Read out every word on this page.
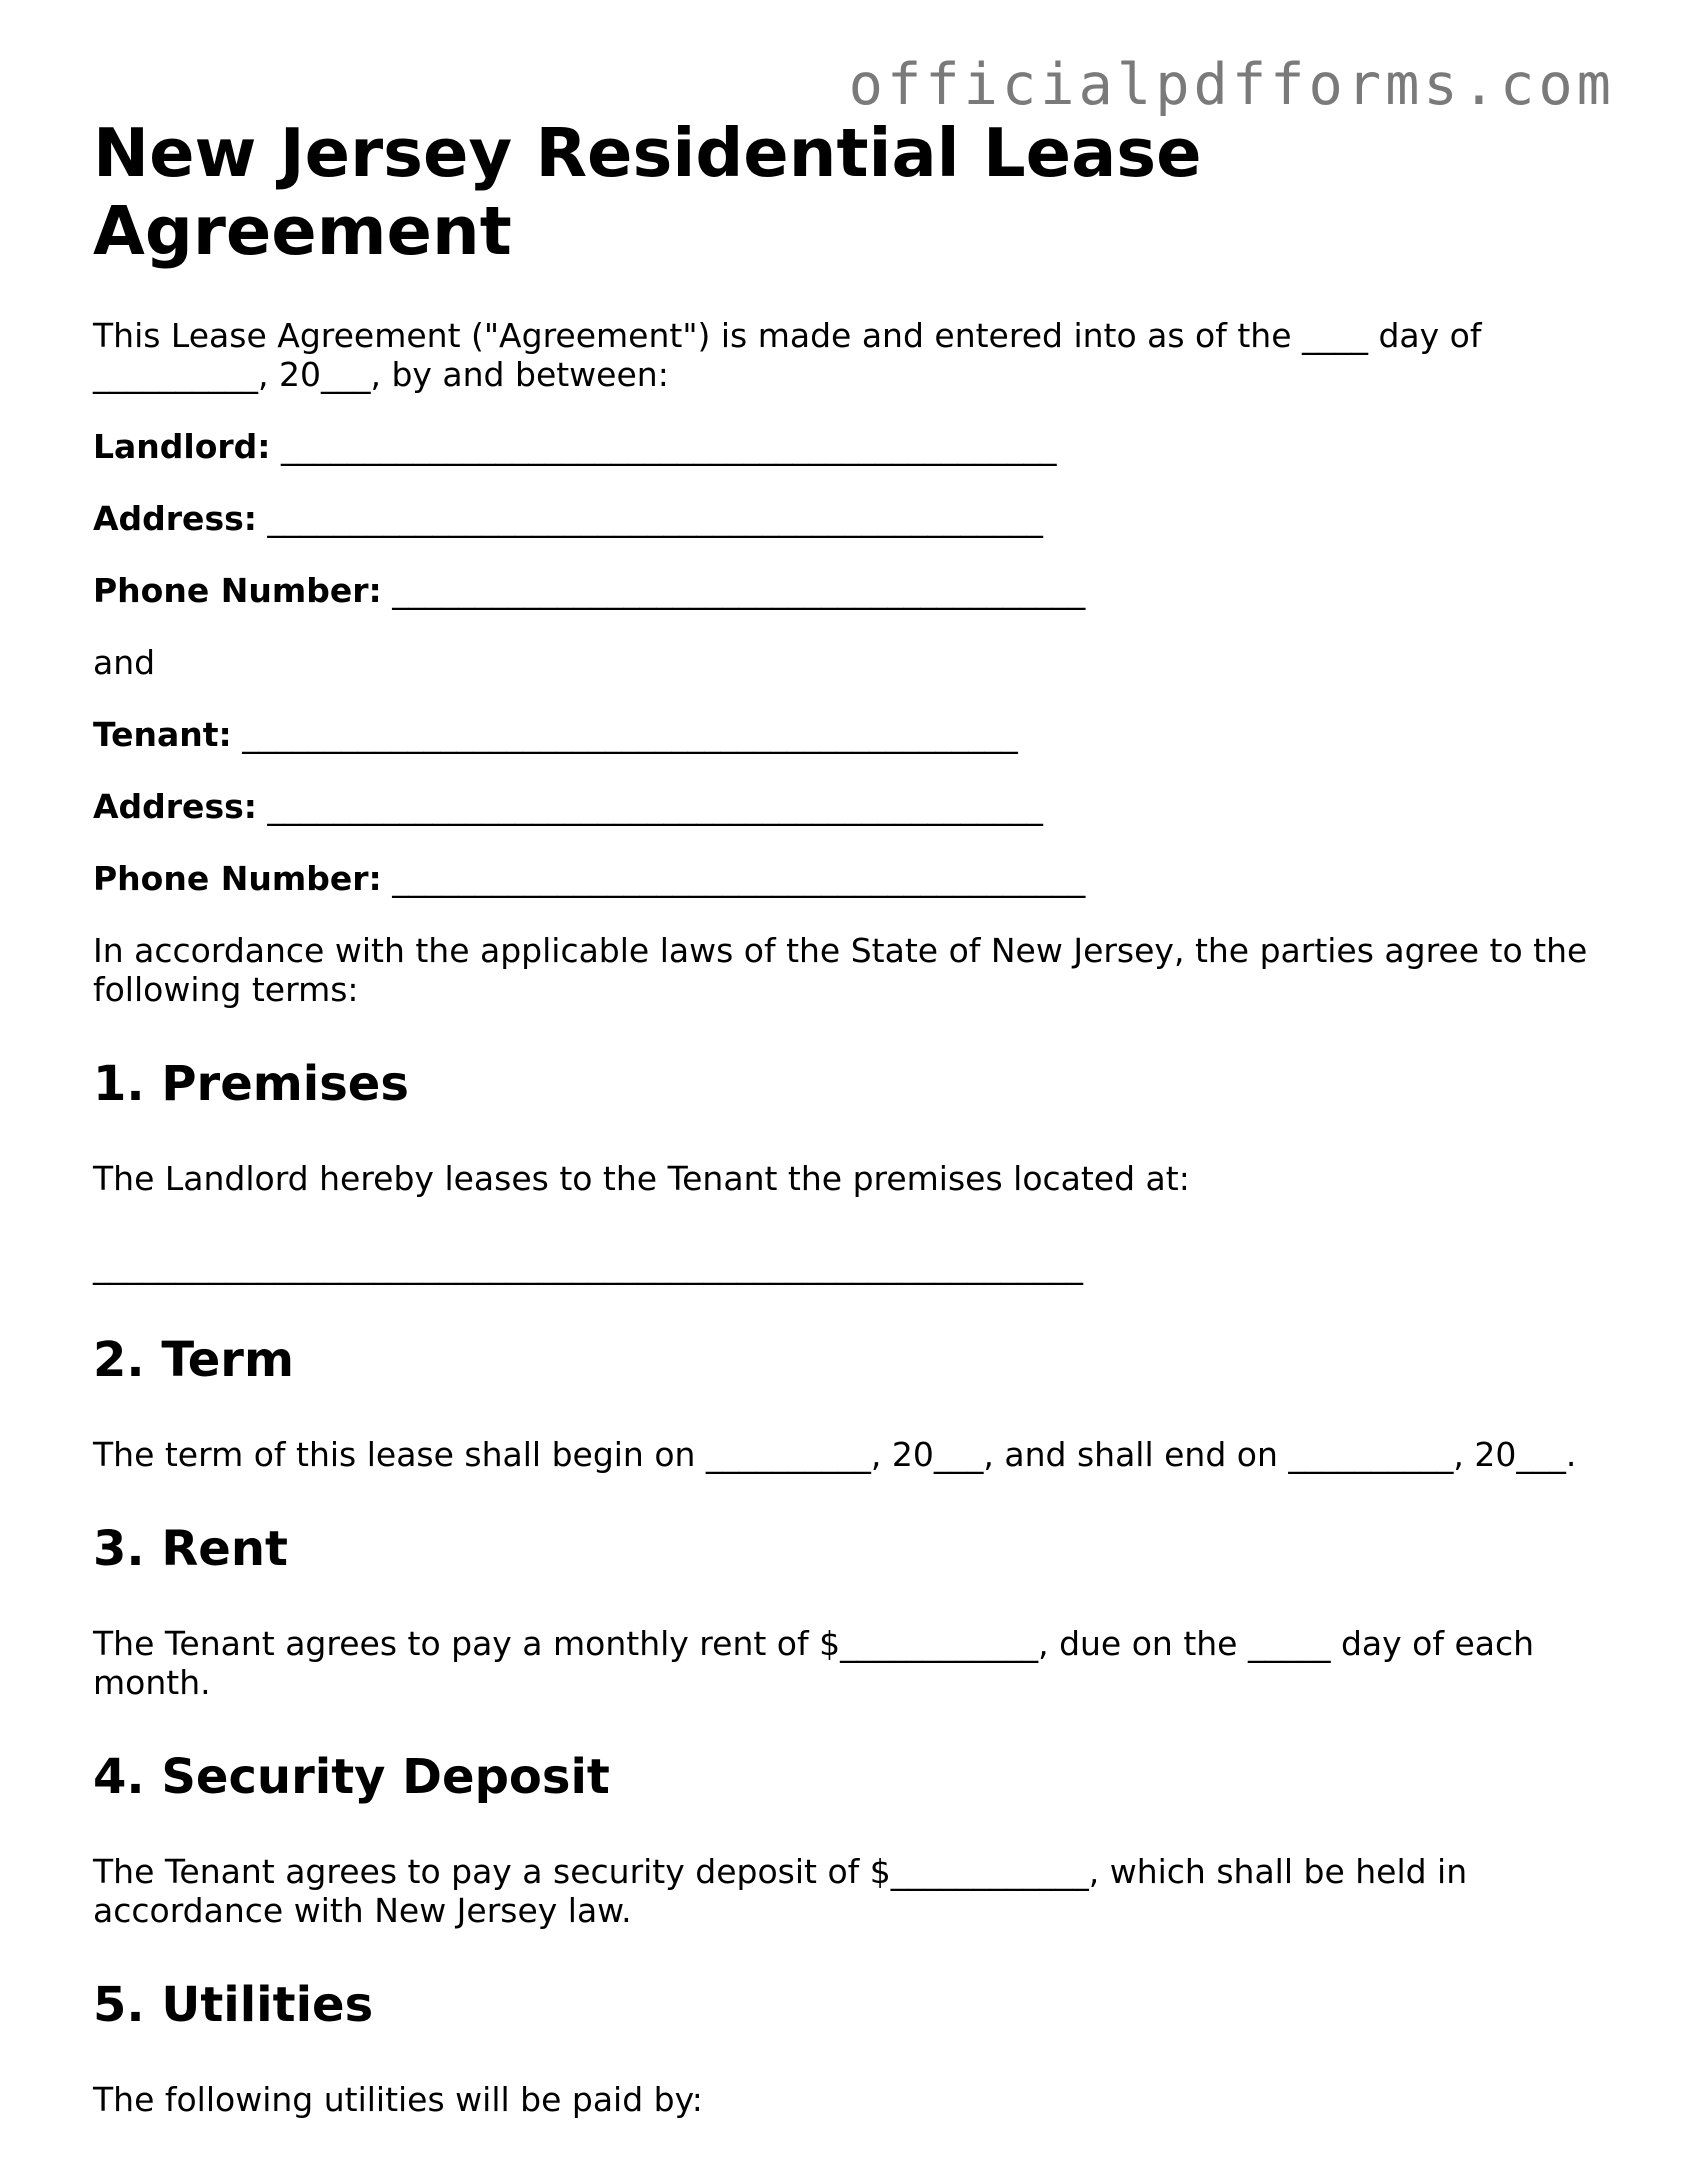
officialpdfforms.com

New Jersey Residential Lease Agreement

This Lease Agreement ("Agreement") is made and entered into as of the ____ day of __________, 20___, by and between:

Landlord: _______________________________________________

Address: _______________________________________________

Phone Number: __________________________________________

and

Tenant: _______________________________________________

Address: _______________________________________________

Phone Number: __________________________________________

In accordance with the applicable laws of the State of New Jersey, the parties agree to the following terms:

1. Premises

The Landlord hereby leases to the Tenant the premises located at:

____________________________________________________________

2. Term

The term of this lease shall begin on __________, 20___, and shall end on __________, 20___.

3. Rent

The Tenant agrees to pay a monthly rent of $____________, due on the _____ day of each month.

4. Security Deposit

The Tenant agrees to pay a security deposit of $____________, which shall be held in accordance with New Jersey law.

5. Utilities

The following utilities will be paid by:
